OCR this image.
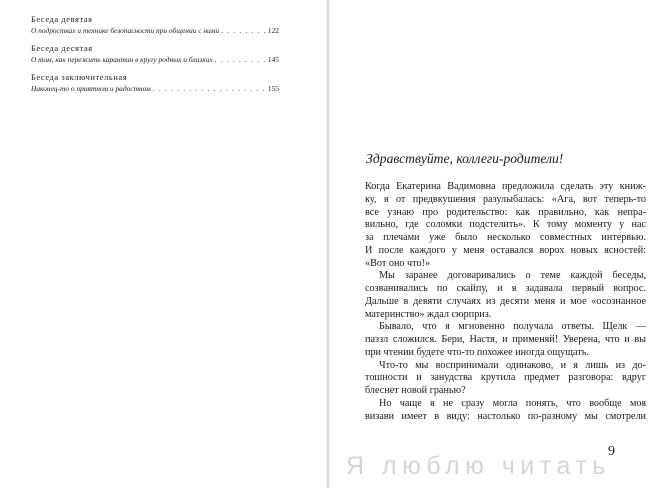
Беседа девятая
О подростках и технике безопасности при общении с ними . . .	122
Беседа десятая
О том, как пережить карантин в кругу родных и близких . . .	145
Беседа заключительная
Наконец-то о приятном и радостном . . .	155
Здравствуйте, коллеги-родители!
Когда Екатерина Вадимовна предложила сделать эту книж-
ку, я от предвкушения разулыбалась: «Ага, вот теперь-то
все узнаю про родительство: как правильно, как непра-
вильно, где соломки подстелить». К тому моменту у нас
за плечами уже было несколько совместных интервью.
И после каждого у меня оставался ворох новых ясностей:
«Вот оно что!»
Мы заранее договаривались о теме каждой беседы,
созванивались по скайпу, и я задавала первый вопрос.
Дальше в девяти случаях из десяти меня и мое «осознанное
материнство» ждал сюрприз.
Бывало, что я мгновенно получала ответы. Щелк —
паззл сложился. Бери, Настя, и применяй! Уверена, что и вы
при чтении будете что-то похожее иногда ощущать.
Что-то мы воспринимали одинаково, и я лишь из до-
тошности и занудства крутила предмет разговора: вдруг
блеснет новой гранью?
Но чаще я не сразу могла понять, что вообще моя
визави имеет в виду: настолько по-разному мы смотрели
9
Я люблю читать
